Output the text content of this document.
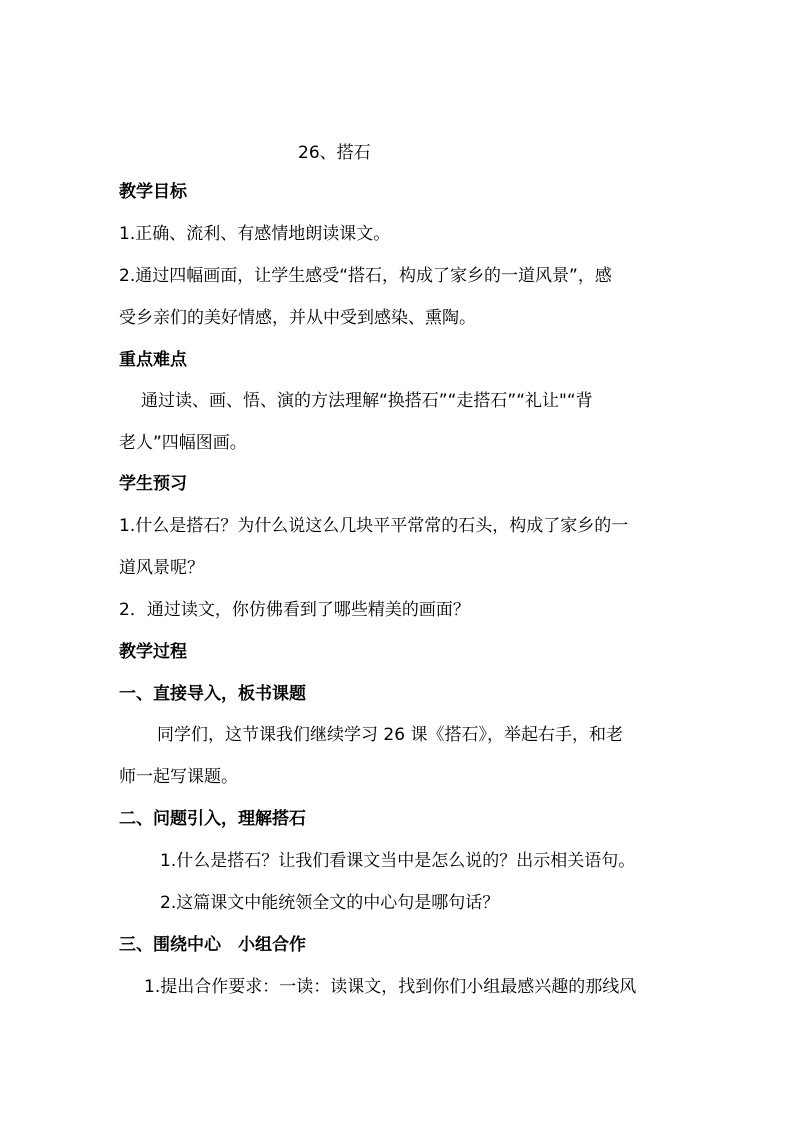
26、搭石
教学目标
1.正确、流利、有感情地朗读课文。
2.通过四幅画面，让学生感受“搭石，构成了家乡的一道风景”，感
受乡亲们的美好情感，并从中受到感染、熏陶。
重点难点
通过读、画、悟、演的方法理解“换搭石”“走搭石”“礼让"“背
老人”四幅图画。
学生预习
1.什么是搭石？为什么说这么几块平平常常的石头，构成了家乡的一
道风景呢？
2．通过读文，你仿佛看到了哪些精美的画面？
教学过程
一、直接导入，板书课题
同学们，这节课我们继续学习 26 课《搭石》，举起右手，和老
师一起写课题。
二、问题引入，理解搭石
1.什么是搭石？让我们看课文当中是怎么说的？出示相关语句。
2.这篇课文中能统领全文的中心句是哪句话？
三、围绕中心　小组合作
1.提出合作要求：一读：读课文，找到你们小组最感兴趣的那线风
